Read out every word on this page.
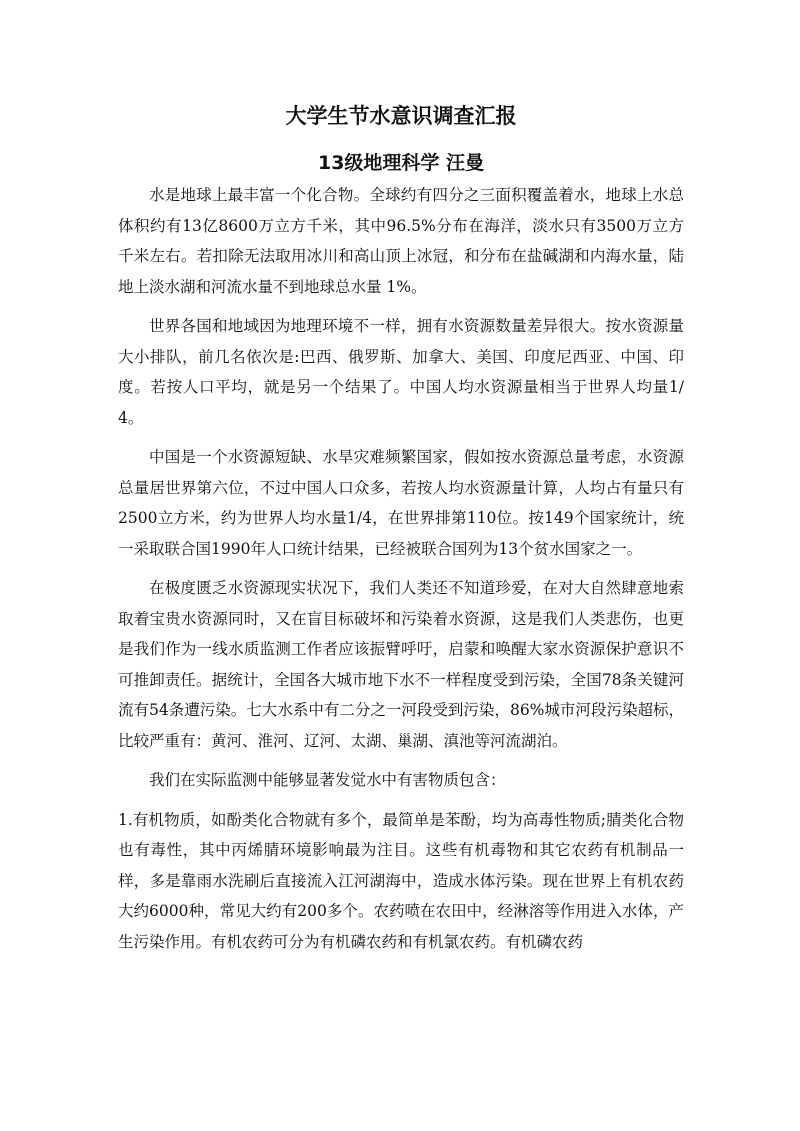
大学生节水意识调查汇报
13级地理科学 汪曼

水是地球上最丰富一个化合物。全球约有四分之三面积覆盖着水，地球上水总体积约有13亿8600万立方千米，其中96.5%分布在海洋，淡水只有3500万立方千米左右。若扣除无法取用冰川和高山顶上冰冠，和分布在盐碱湖和内海水量，陆地上淡水湖和河流水量不到地球总水量 1%。

世界各国和地域因为地理环境不一样，拥有水资源数量差异很大。按水资源量大小排队，前几名依次是:巴西、俄罗斯、加拿大、美国、印度尼西亚、中国、印度。若按人口平均，就是另一个结果了。中国人均水资源量相当于世界人均量1/4。

中国是一个水资源短缺、水旱灾难频繁国家，假如按水资源总量考虑，水资源总量居世界第六位，不过中国人口众多，若按人均水资源量计算，人均占有量只有2500立方米，约为世界人均水量1/4，在世界排第110位。按149个国家统计，统一采取联合国1990年人口统计结果，已经被联合国列为13个贫水国家之一。

在极度匮乏水资源现实状况下，我们人类还不知道珍爱，在对大自然肆意地索取着宝贵水资源同时，又在盲目标破坏和污染着水资源，这是我们人类悲伤，也更是我们作为一线水质监测工作者应该振臂呼吁，启蒙和唤醒大家水资源保护意识不可推卸责任。据统计，全国各大城市地下水不一样程度受到污染，全国78条关键河流有54条遭污染。七大水系中有二分之一河段受到污染，86%城市河段污染超标，比较严重有：黄河、淮河、辽河、太湖、巢湖、滇池等河流湖泊。

我们在实际监测中能够显著发觉水中有害物质包含：

1.有机物质，如酚类化合物就有多个，最简单是苯酚，均为高毒性物质;腈类化合物也有毒性，其中丙烯腈环境影响最为注目。这些有机毒物和其它农药有机制品一样，多是靠雨水洗刷后直接流入江河湖海中，造成水体污染。现在世界上有机农药大约6000种，常见大约有200多个。农药喷在农田中，经淋溶等作用进入水体，产生污染作用。有机农药可分为有机磷农药和有机氯农药。有机磷农药
